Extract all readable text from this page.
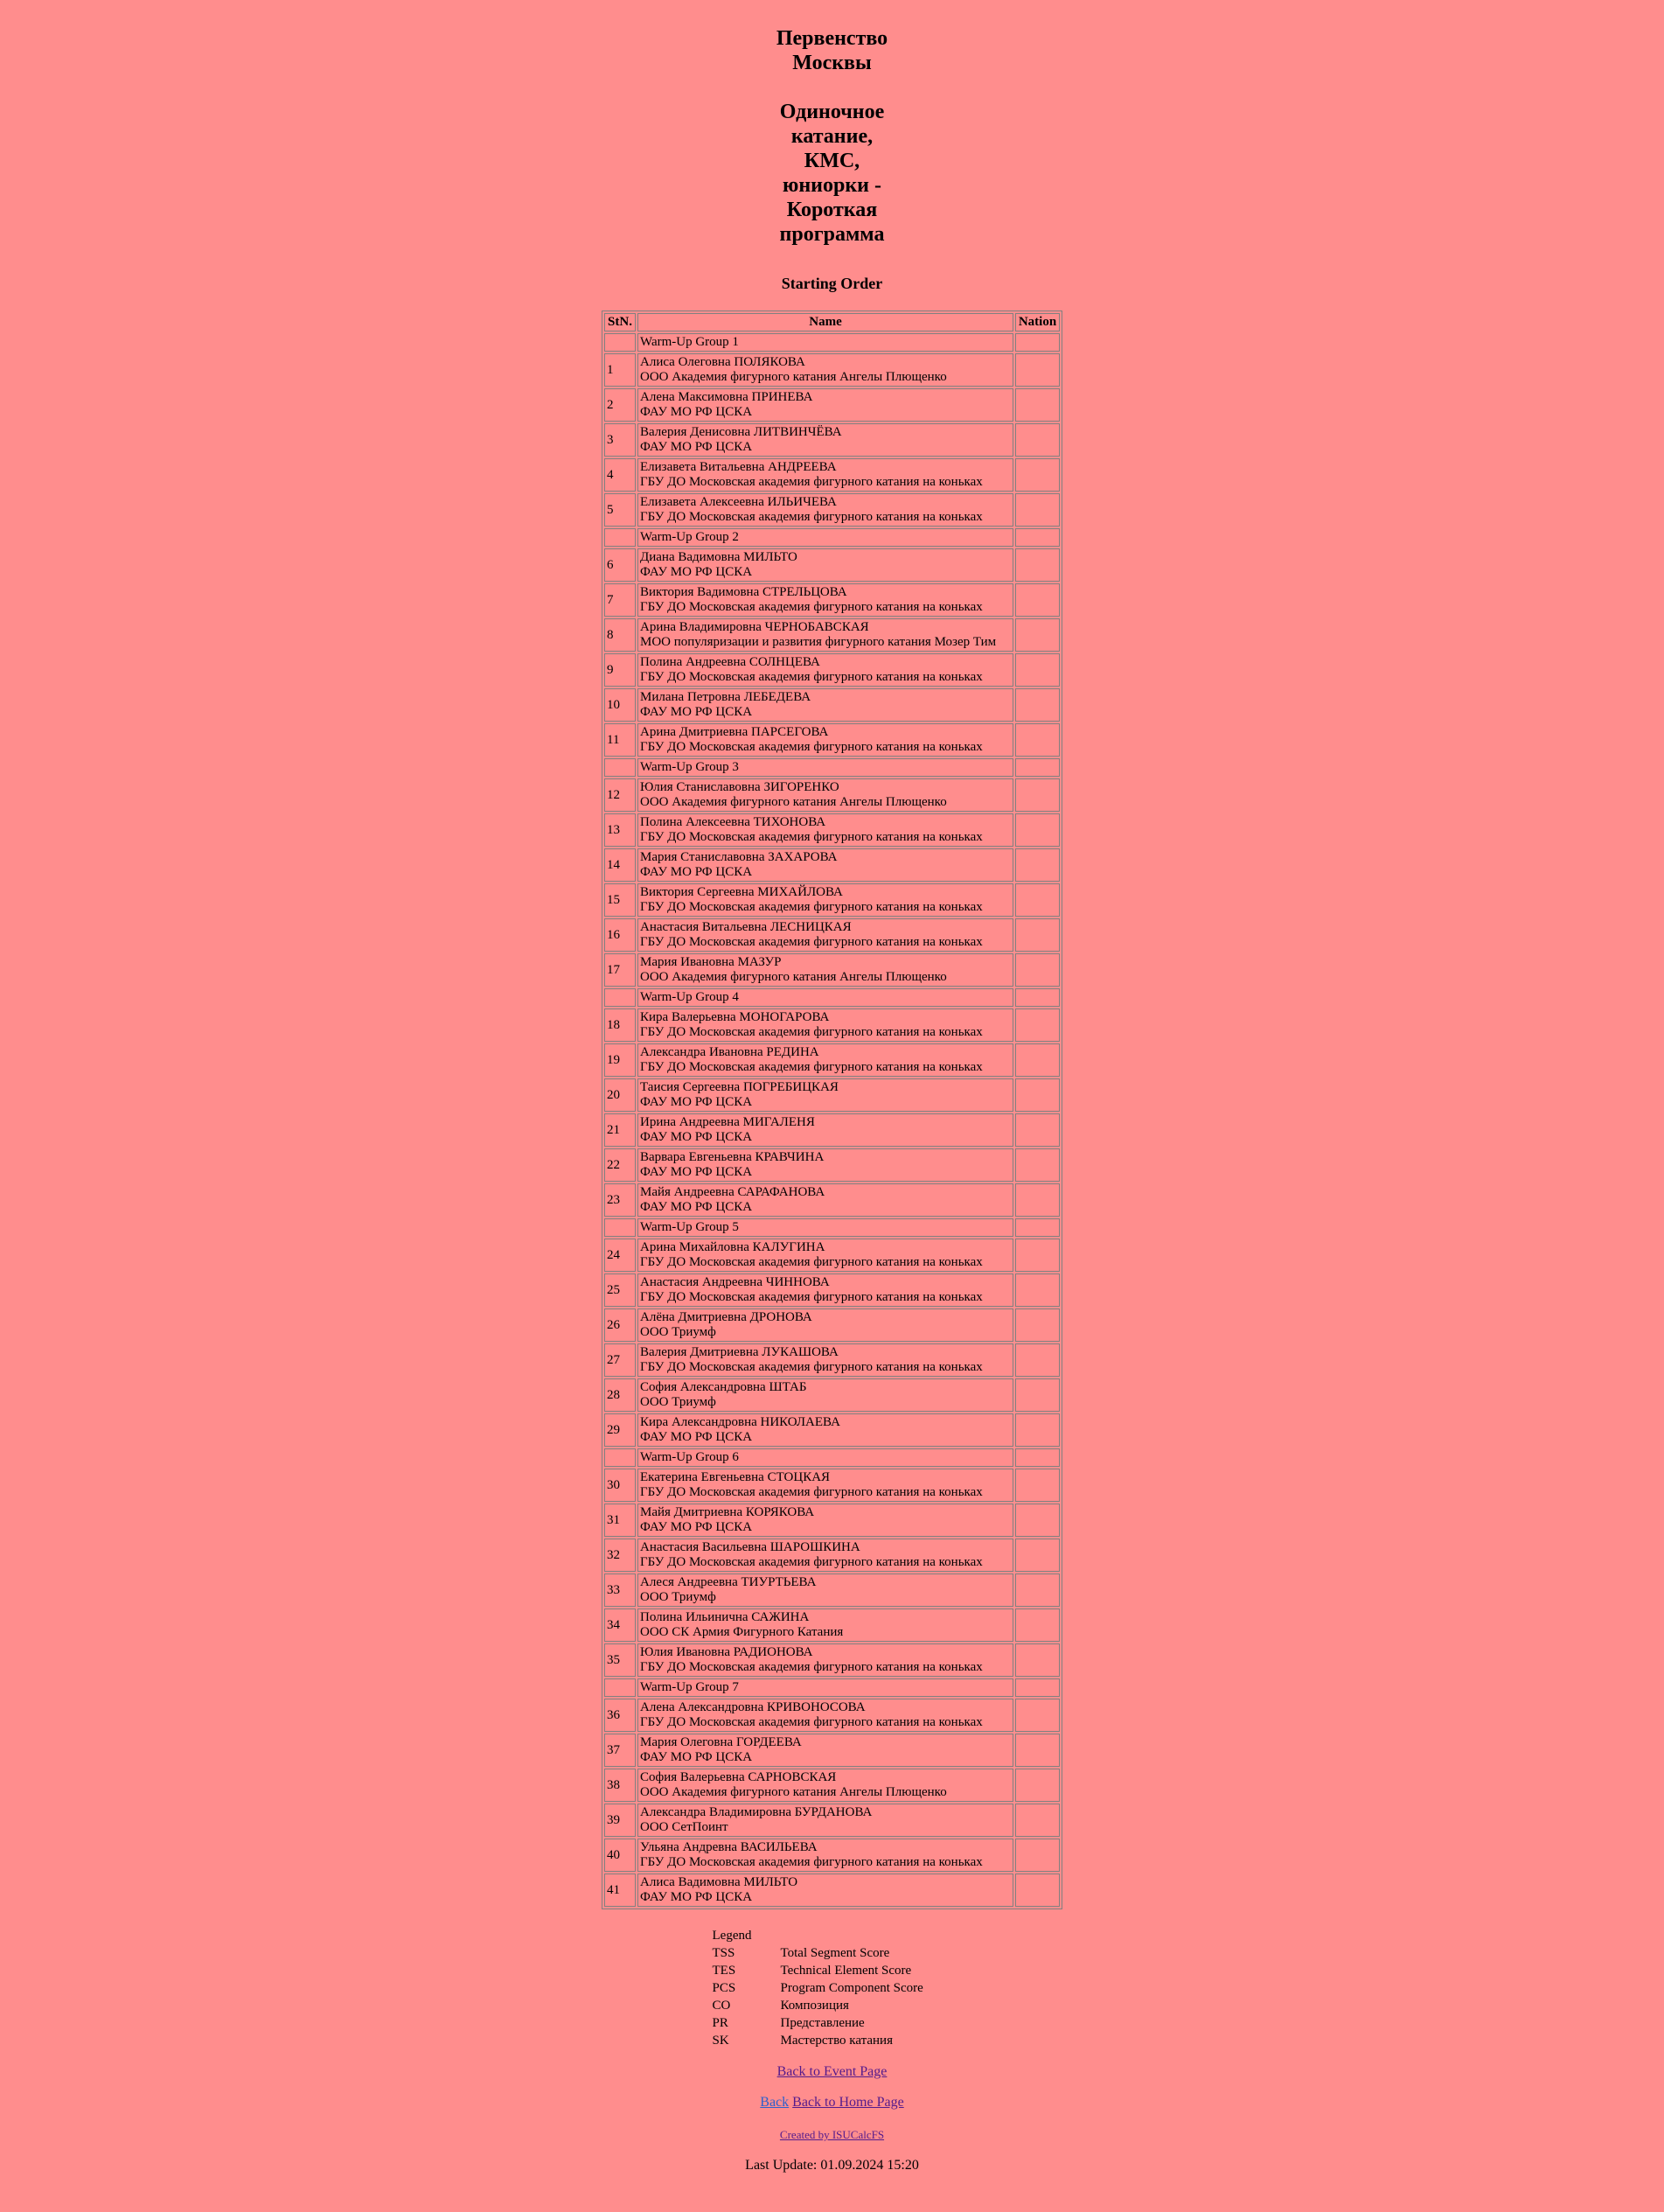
Первенство Москвы
Одиночное катание, КМС, юниорки - Короткая программа
Starting Order
StN.	Name	Nation
	Warm-Up Group 1	
1	Алиса Олеговна ПОЛЯКОВА
ООО Академия фигурного катания Ангелы Плющенко	

2	Алена Максимовна ПРИНЕВА
ФАУ МО РФ ЦСКА	

3	Валерия Денисовна ЛИТВИНЧЁВА
ФАУ МО РФ ЦСКА	

4	Елизавета Витальевна АНДРЕЕВА
ГБУ ДО Московская академия фигурного катания на коньках	

5	Елизавета Алексеевна ИЛЬИЧЕВА
ГБУ ДО Московская академия фигурного катания на коньках	

	Warm-Up Group 2	
6	Диана Вадимовна МИЛЬТО
ФАУ МО РФ ЦСКА	

7	Виктория Вадимовна СТРЕЛЬЦОВА
ГБУ ДО Московская академия фигурного катания на коньках	

8	Арина Владимировна ЧЕРНОБАВСКАЯ
МОО популяризации и развития фигурного катания Мозер Тим	

9	Полина Андреевна СОЛНЦЕВА
ГБУ ДО Московская академия фигурного катания на коньках	

10	Милана Петровна ЛЕБЕДЕВА
ФАУ МО РФ ЦСКА	

11	Арина Дмитриевна ПАРСЕГОВА
ГБУ ДО Московская академия фигурного катания на коньках	

	Warm-Up Group 3	
12	Юлия Станиславовна ЗИГОРЕНКО
ООО Академия фигурного катания Ангелы Плющенко	

13	Полина Алексеевна ТИХОНОВА
ГБУ ДО Московская академия фигурного катания на коньках	

14	Мария Станиславовна ЗАХАРОВА
ФАУ МО РФ ЦСКА	

15	Виктория Сергеевна МИХАЙЛОВА
ГБУ ДО Московская академия фигурного катания на коньках	

16	Анастасия Витальевна ЛЕСНИЦКАЯ
ГБУ ДО Московская академия фигурного катания на коньках	

17	Мария Ивановна МАЗУР
ООО Академия фигурного катания Ангелы Плющенко	

	Warm-Up Group 4	
18	Кира Валерьевна МОНОГАРОВА
ГБУ ДО Московская академия фигурного катания на коньках	

19	Александра Ивановна РЕДИНА
ГБУ ДО Московская академия фигурного катания на коньках	

20	Таисия Сергеевна ПОГРЕБИЦКАЯ
ФАУ МО РФ ЦСКА	

21	Ирина Андреевна МИГАЛЕНЯ
ФАУ МО РФ ЦСКА	

22	Варвара Евгеньевна КРАВЧИНА
ФАУ МО РФ ЦСКА	

23	Майя Андреевна САРАФАНОВА
ФАУ МО РФ ЦСКА	

	Warm-Up Group 5	
24	Арина Михайловна КАЛУГИНА
ГБУ ДО Московская академия фигурного катания на коньках	

25	Анастасия Андреевна ЧИННОВА
ГБУ ДО Московская академия фигурного катания на коньках	

26	Алёна Дмитриевна ДРОНОВА
ООО Триумф	

27	Валерия Дмитриевна ЛУКАШОВА
ГБУ ДО Московская академия фигурного катания на коньках	

28	София Александровна ШТАБ
ООО Триумф	

29	Кира Александровна НИКОЛАЕВА
ФАУ МО РФ ЦСКА	

	Warm-Up Group 6	
30	Екатерина Евгеньевна СТОЦКАЯ
ГБУ ДО Московская академия фигурного катания на коньках	

31	Майя Дмитриевна КОРЯКОВА
ФАУ МО РФ ЦСКА	

32	Анастасия Васильевна ШАРОШКИНА
ГБУ ДО Московская академия фигурного катания на коньках	

33	Алеся Андреевна ТИУРТЬЕВА
ООО Триумф	

34	Полина Ильинична САЖИНА
ООО СК Армия Фигурного Катания	

35	Юлия Ивановна РАДИОНОВА
ГБУ ДО Московская академия фигурного катания на коньках	

	Warm-Up Group 7	
36	Алена Александровна КРИВОНОСОВА
ГБУ ДО Московская академия фигурного катания на коньках	

37	Мария Олеговна ГОРДЕЕВА
ФАУ МО РФ ЦСКА	

38	София Валерьевна САРНОВСКАЯ
ООО Академия фигурного катания Ангелы Плющенко	

39	Александра Владимировна БУРДАНОВА
ООО СетПоинт	

40	Ульяна Андревна ВАСИЛЬЕВА
ГБУ ДО Московская академия фигурного катания на коньках	

41	Алиса Вадимовна МИЛЬТО
ФАУ МО РФ ЦСКА	

Legend	
TSS	Total Segment Score
TES	Technical Element Score
PCS	Program Component Score
CO	Композиция
PR	Представление
SK	Мастерство катания

Back to Event Page

Back Back to Home Page

Created by ISUCalcFS

Last Update: 01.09.2024 15:20
